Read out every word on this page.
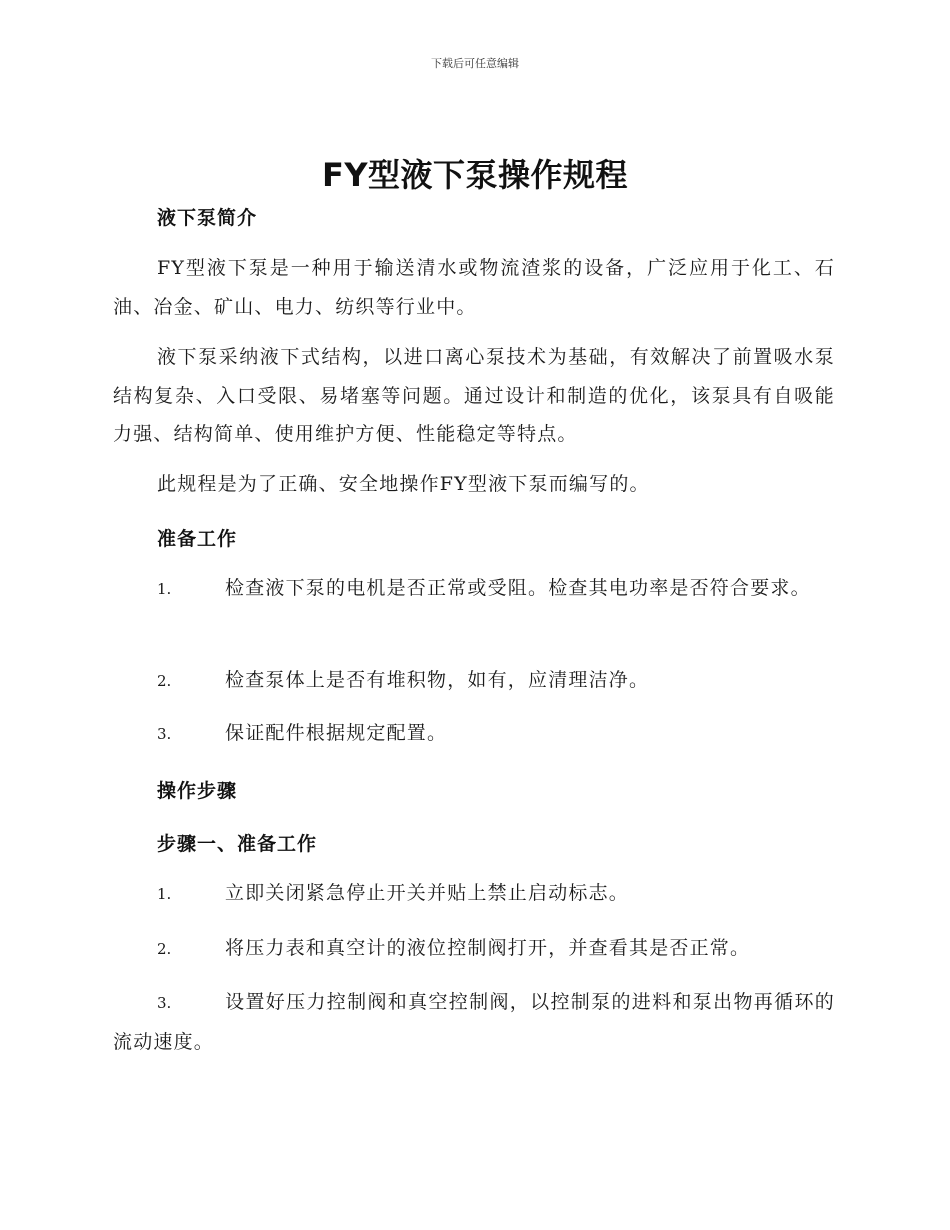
下载后可任意编辑
FY型液下泵操作规程
液下泵简介
FY型液下泵是一种用于输送清水或物流渣浆的设备，广泛应用于化工、石油、冶金、矿山、电力、纺织等行业中。
液下泵采纳液下式结构，以进口离心泵技术为基础，有效解决了前置吸水泵结构复杂、入口受限、易堵塞等问题。通过设计和制造的优化，该泵具有自吸能力强、结构简单、使用维护方便、性能稳定等特点。
此规程是为了正确、安全地操作FY型液下泵而编写的。
准备工作
1.	检查液下泵的电机是否正常或受阻。检查其电功率是否符合要求。
2.	检查泵体上是否有堆积物，如有，应清理洁净。
3.	保证配件根据规定配置。
操作步骤
步骤一、准备工作
1.	立即关闭紧急停止开关并贴上禁止启动标志。
2.	将压力表和真空计的液位控制阀打开，并查看其是否正常。
3.	设置好压力控制阀和真空控制阀，以控制泵的进料和泵出物再循环的流动速度。
